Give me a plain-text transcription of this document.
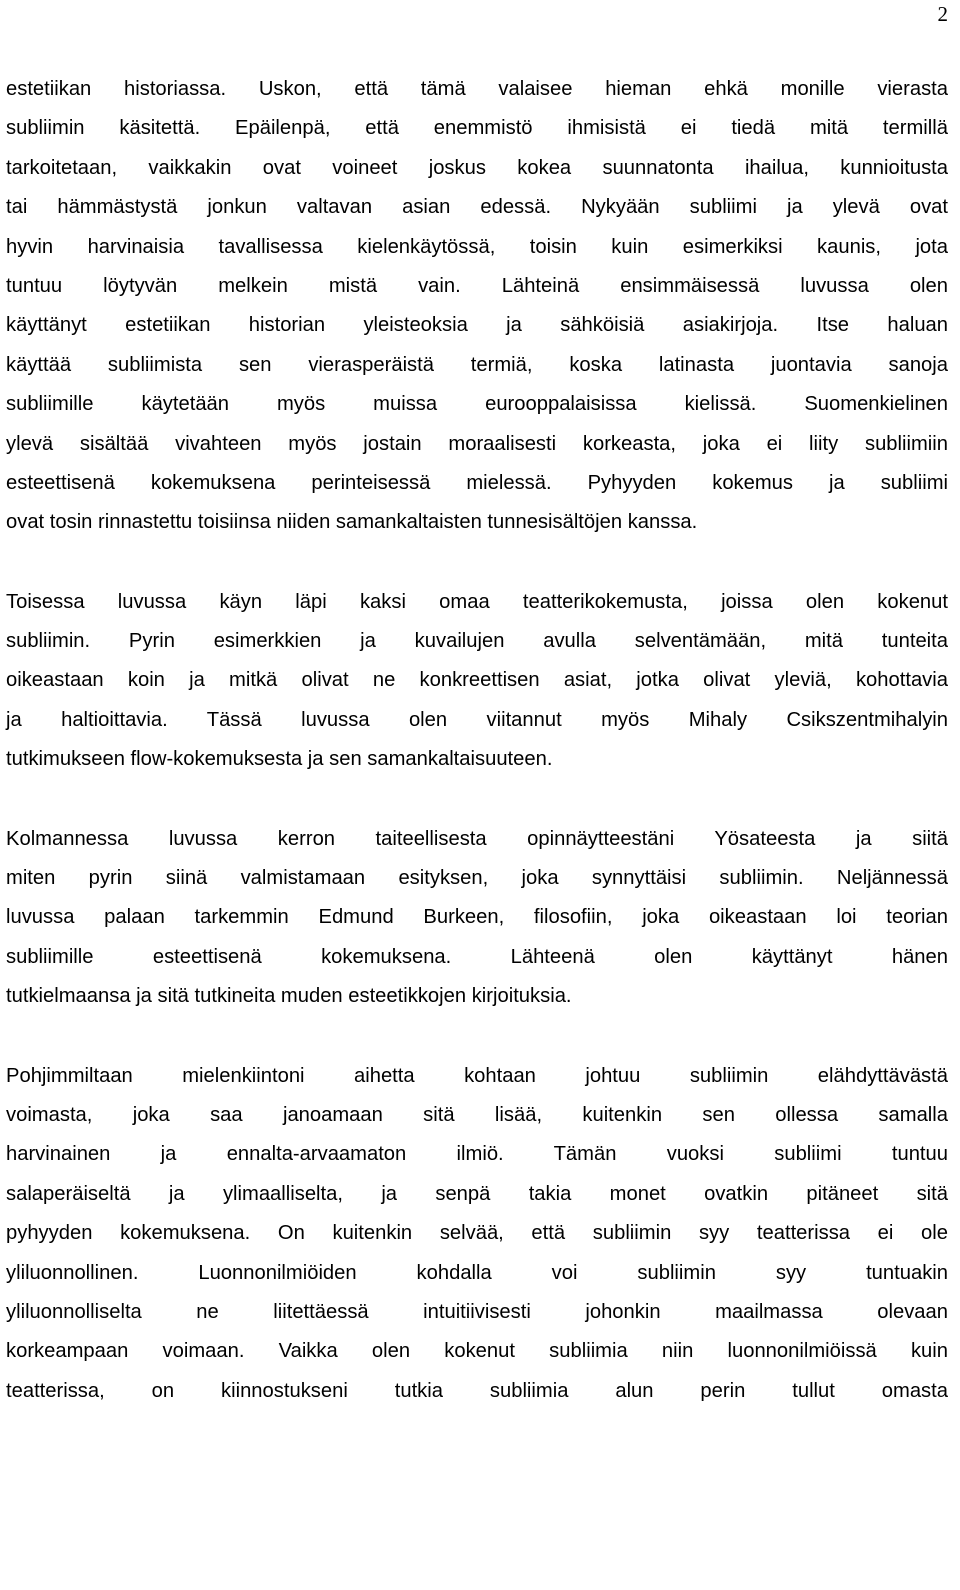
2
estetiikan historiassa. Uskon, että tämä valaisee hieman ehkä monille vierasta
subliimin käsitettä. Epäilenpä, että enemmistö ihmisistä ei tiedä mitä termillä
tarkoitetaan, vaikkakin ovat voineet joskus kokea suunnatonta ihailua, kunnioitusta
tai hämmästystä jonkun valtavan asian edessä. Nykyään subliimi ja ylevä ovat
hyvin harvinaisia tavallisessa kielenkäytössä, toisin kuin esimerkiksi kaunis, jota
tuntuu löytyvän melkein mistä vain. Lähteinä ensimmäisessä luvussa olen
käyttänyt estetiikan historian yleisteoksia ja sähköisiä asiakirjoja. Itse haluan
käyttää subliimista sen vierasperäistä termiä, koska latinasta juontavia sanoja
subliimille käytetään myös muissa eurooppalaisissa kielissä. Suomenkielinen
ylevä sisältää vivahteen myös jostain moraalisesti korkeasta, joka ei liity subliimiin
esteettisenä kokemuksena perinteisessä mielessä. Pyhyyden kokemus ja subliimi
ovat tosin rinnastettu toisiinsa niiden samankaltaisten tunnesisältöjen kanssa.
Toisessa luvussa käyn läpi kaksi omaa teatterikokemusta, joissa olen kokenut
subliimin. Pyrin esimerkkien ja kuvailujen avulla selventämään, mitä tunteita
oikeastaan koin ja mitkä olivat ne konkreettisen asiat, jotka olivat yleviä, kohottavia
ja haltioittavia. Tässä luvussa olen viitannut myös Mihaly Csikszentmihalyin
tutkimukseen flow-kokemuksesta ja sen samankaltaisuuteen.
Kolmannessa luvussa kerron taiteellisesta opinnäytteestäni Yösateesta ja siitä
miten pyrin siinä valmistamaan esityksen, joka synnyttäisi subliimin. Neljännessä
luvussa palaan tarkemmin Edmund Burkeen, filosofiin, joka oikeastaan loi teorian
subliimille esteettisenä kokemuksena. Lähteenä olen käyttänyt hänen
tutkielmaansa ja sitä tutkineita muden esteetikkojen kirjoituksia.
Pohjimmiltaan mielenkiintoni aihetta kohtaan johtuu subliimin elähdyttävästä
voimasta, joka saa janoamaan sitä lisää, kuitenkin sen ollessa samalla
harvinainen ja ennalta-arvaamaton ilmiö. Tämän vuoksi subliimi tuntuu
salaperäiseltä ja ylimaalliselta, ja senpä takia monet ovatkin pitäneet sitä
pyhyyden kokemuksena. On kuitenkin selvää, että subliimin syy teatterissa ei ole
yliluonnollinen. Luonnonilmiöiden kohdalla voi subliimin syy tuntuakin
yliluonnolliselta ne liitettäessä intuitiivisesti johonkin maailmassa olevaan
korkeampaan voimaan. Vaikka olen kokenut subliimia niin luonnonilmiöissä kuin
teatterissa, on kiinnostukseni tutkia subliimia alun perin tullut omasta
